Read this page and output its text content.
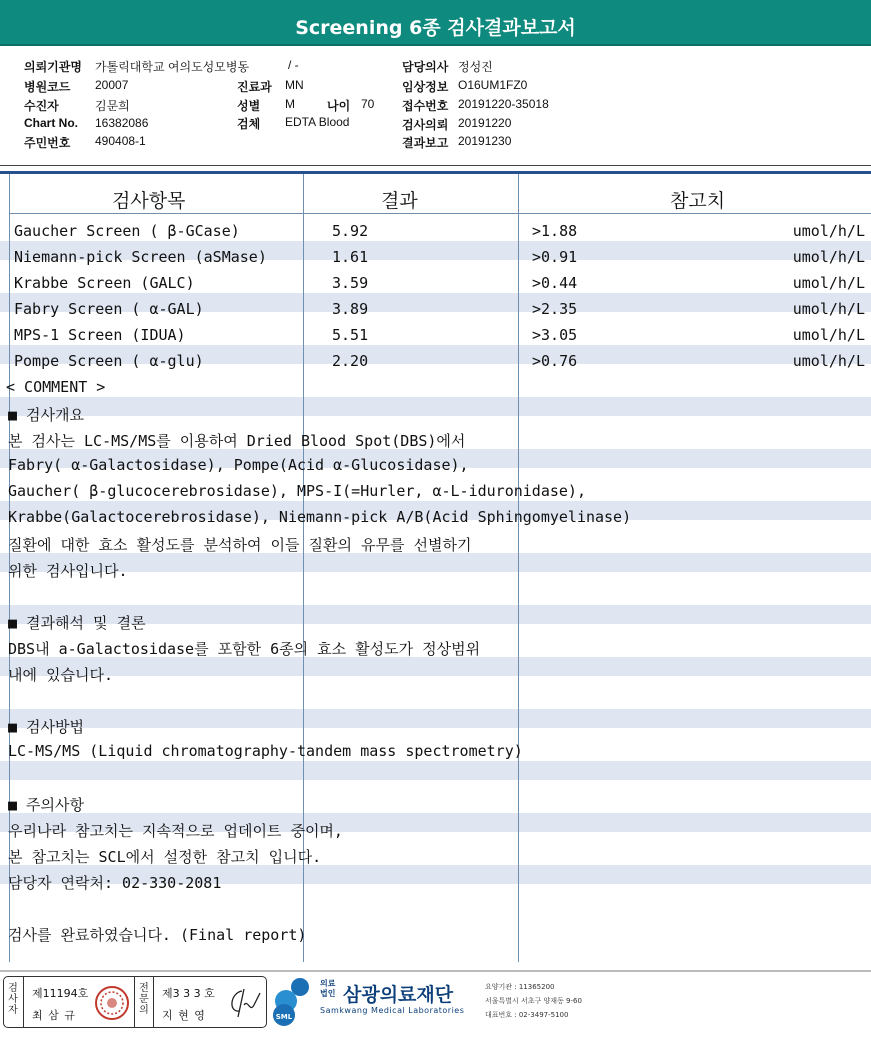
Screening 6종 검사결과보고서
의뢰기관명 가톨릭대학교 여의도성모병동	/ -	담당의사 정성진
병원코드 20007	진료과 MN	임상정보 O16UM1FZ0
수진자	김문희	성별 M	나이 70 접수번호 20191220-35018
Chart No. 16382086	검체 EDTA Blood	검사의뢰 20191220
주민번호 490408-1	결과보고 20191230
검사항목	결과	참고치
Gaucher Screen ( β-GCase)	5.92	>1.88	umol/h/L
Niemann-pick Screen (aSMase)	1.61	>0.91	umol/h/L
Krabbe Screen (GALC)	3.59	>0.44	umol/h/L
Fabry Screen ( α-GAL)	3.89	>2.35	umol/h/L
MPS-1 Screen (IDUA)	5.51	>3.05	umol/h/L
Pompe Screen ( α-glu)	2.20	>0.76	umol/h/L
< COMMENT >
■ 검사개요
본 검사는 LC-MS/MS를 이용하여 Dried Blood Spot(DBS)에서
Fabry( α-Galactosidase), Pompe(Acid α-Glucosidase),
Gaucher( β-glucocerebrosidase), MPS-I(=Hurler, α-L-iduronidase),
Krabbe(Galactocerebrosidase), Niemann-pick A/B(Acid Sphingomyelinase)
질환에 대한 효소 활성도를 분석하여 이들 질환의 유무를 선별하기
위한 검사입니다.
■ 결과해석 및 결론
DBS내 a-Galactosidase를 포함한 6종의 효소 활성도가 정상범위
내에 있습니다.
■ 검사방법
LC-MS/MS (Liquid chromatography-tandem mass spectrometry)
■ 주의사항
우리나라 참고치는 지속적으로 업데이트 중이며,
본 참고치는 SCL에서 설정한 참고치 입니다.
담당자 연락처: 02-330-2081
검사를 완료하였습니다. (Final report)
검사자
제11194호
최 삼 규
전문의
제3 3 3 호
지 현 영	SML
의료법인 삼광의료재단
Samkwang Medical Laboratories
요양기관 : 11365200
서울특별시 서초구 양재동 9-60
대표번호 : 02-3497-5100
